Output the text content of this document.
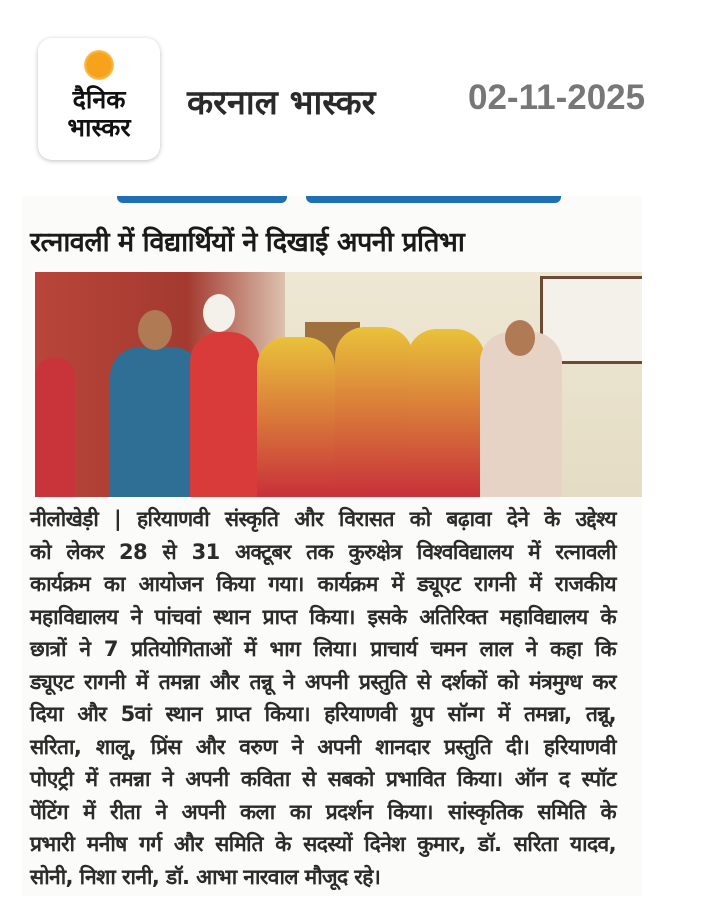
दैनिक
भास्कर
करनाल भास्कर	02-11-2025
रत्नावली में विद्यार्थियों ने दिखाई अपनी प्रतिभा
नीलोखेड़ी | हरियाणवी संस्कृति और विरासत को बढ़ावा देने के उद्देश्य
को लेकर 28 से 31 अक्टूबर तक कुरुक्षेत्र विश्वविद्यालय में रत्नावली
कार्यक्रम का आयोजन किया गया। कार्यक्रम में ड्यूएट रागनी में राजकीय
महाविद्यालय ने पांचवां स्थान प्राप्त किया। इसके अतिरिक्त महाविद्यालय के
छात्रों ने 7 प्रतियोगिताओं में भाग लिया। प्राचार्य चमन लाल ने कहा कि
ड्यूएट रागनी में तमन्ना और तन्नू ने अपनी प्रस्तुति से दर्शकों को मंत्रमुग्ध कर
दिया और 5वां स्थान प्राप्त किया। हरियाणवी ग्रुप सॉन्ग में तमन्ना, तन्नू,
सरिता, शालू, प्रिंस और वरुण ने अपनी शानदार प्रस्तुति दी। हरियाणवी
पोएट्री में तमन्ना ने अपनी कविता से सबको प्रभावित किया। ऑन द स्पॉट
पेंटिंग में रीता ने अपनी कला का प्रदर्शन किया। सांस्कृतिक समिति के
प्रभारी मनीष गर्ग और समिति के सदस्यों दिनेश कुमार, डॉ. सरिता यादव,
सोनी, निशा रानी, डॉ. आभा नारवाल मौजूद रहे।
